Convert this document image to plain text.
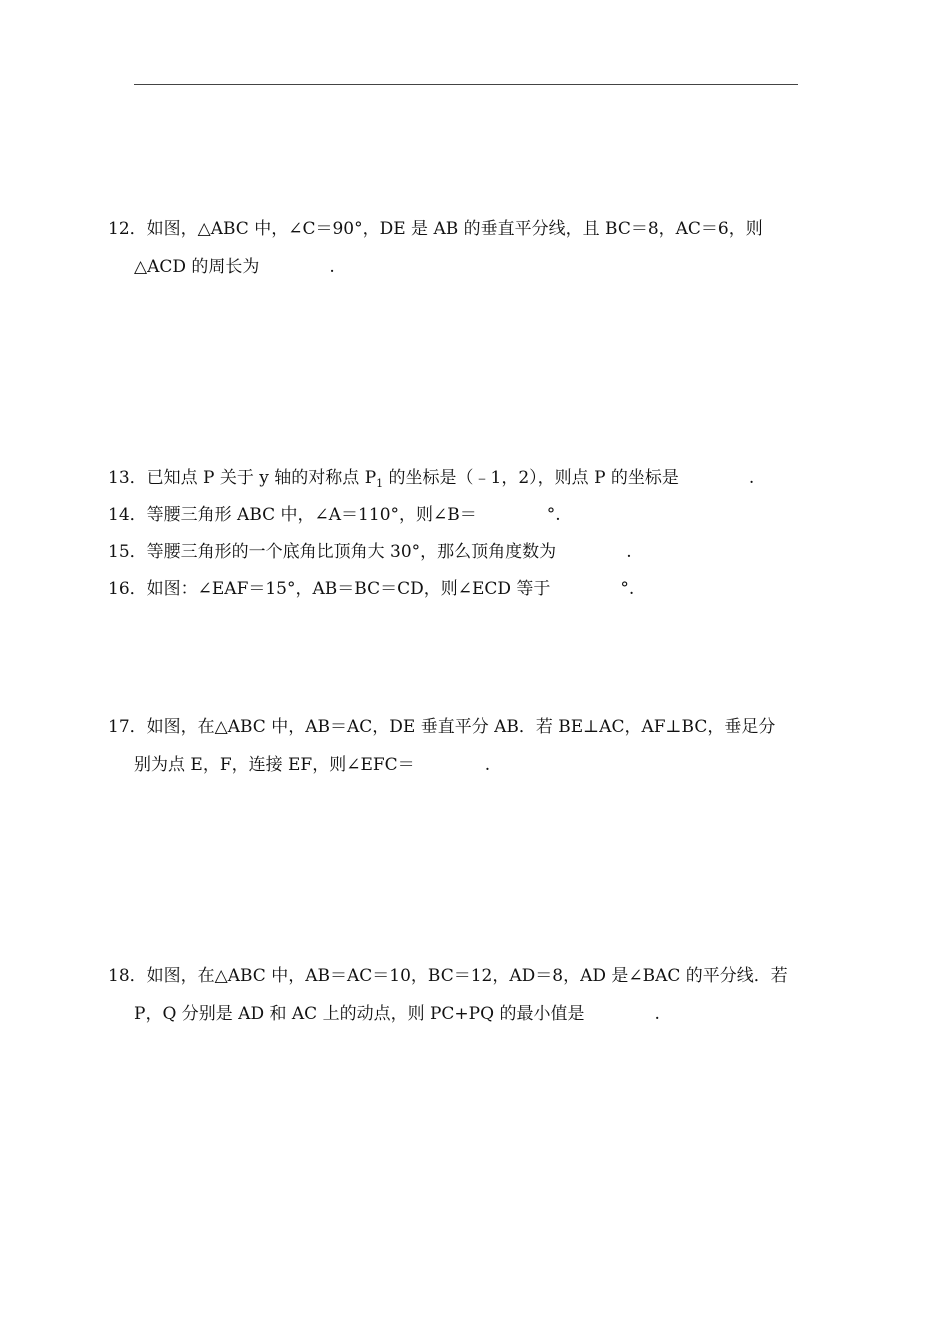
12．如图，△ABC 中，∠C＝90°，DE 是 AB 的垂直平分线，且 BC＝8，AC＝6，则
△ACD 的周长为	.
13．已知点 P 关于 y 轴的对称点 $P_1$ 的坐标是（﹣1，2），则点 P 的坐标是	.
14．等腰三角形 ABC 中，∠A＝110°，则∠B＝	°.
15．等腰三角形的一个底角比顶角大 30°，那么顶角度数为	.
16．如图：∠EAF＝15°，AB＝BC＝CD，则∠ECD 等于	°.
17．如图，在△ABC 中，AB＝AC，DE 垂直平分 AB．若 BE⊥AC，AF⊥BC，垂足分
别为点 E，F，连接 EF，则∠EFC＝	.
18．如图，在△ABC 中，AB＝AC＝10，BC＝12，AD＝8，AD 是∠BAC 的平分线．若
P，Q 分别是 AD 和 AC 上的动点，则 PC+PQ 的最小值是	.
